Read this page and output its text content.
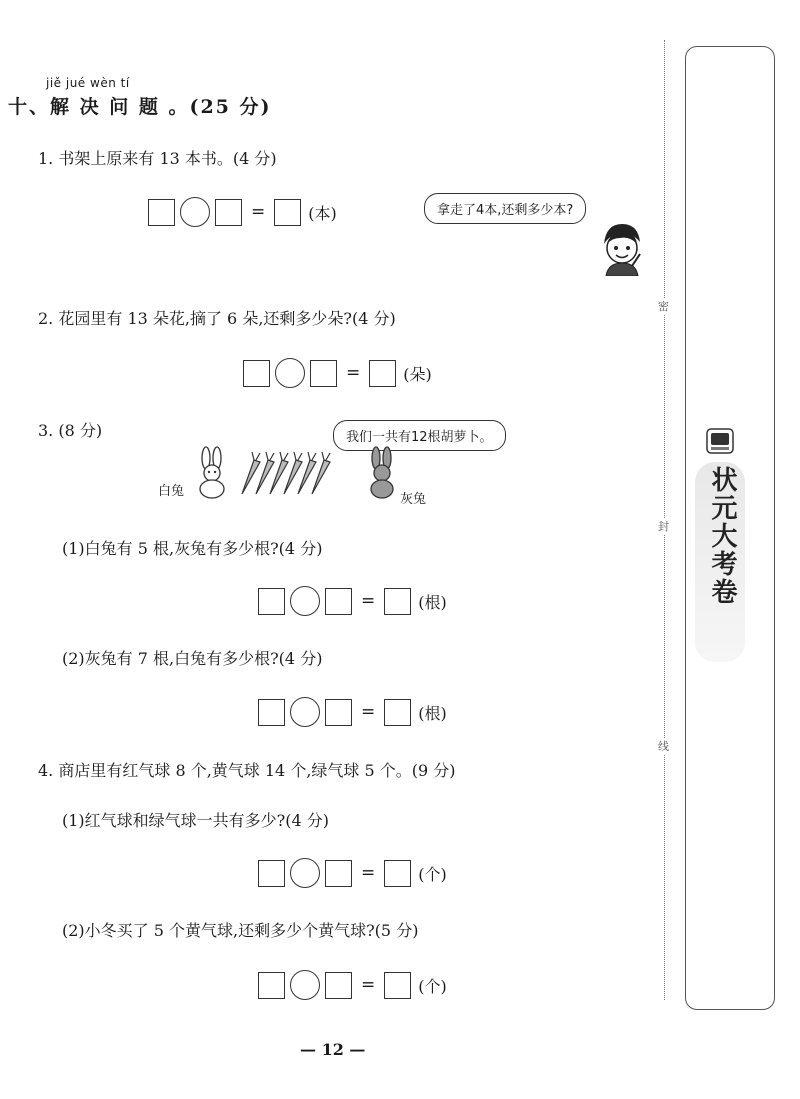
jiě jué wèn tí
十、解 决 问 题 。(25 分)
1. 书架上原来有 13 本书。(4 分)
=	(本)	拿走了4本,还剩多少本?
2. 花园里有 13 朵花,摘了 6 朵,还剩多少朵?(4 分)
=	(朵)
3. (8 分)	我们一共有12根胡萝卜。
白兔
灰兔
(1)白兔有 5 根,灰兔有多少根?(4 分)
=	(根)
(2)灰兔有 7 根,白兔有多少根?(4 分)
=	(根)
4. 商店里有红气球 8 个,黄气球 14 个,绿气球 5 个。(9 分)
(1)红气球和绿气球一共有多少?(4 分)
=	(个)
(2)小冬买了 5 个黄气球,还剩多少个黄气球?(5 分)
=	(个)
密
封
线
状元大考卷
— 12 —
